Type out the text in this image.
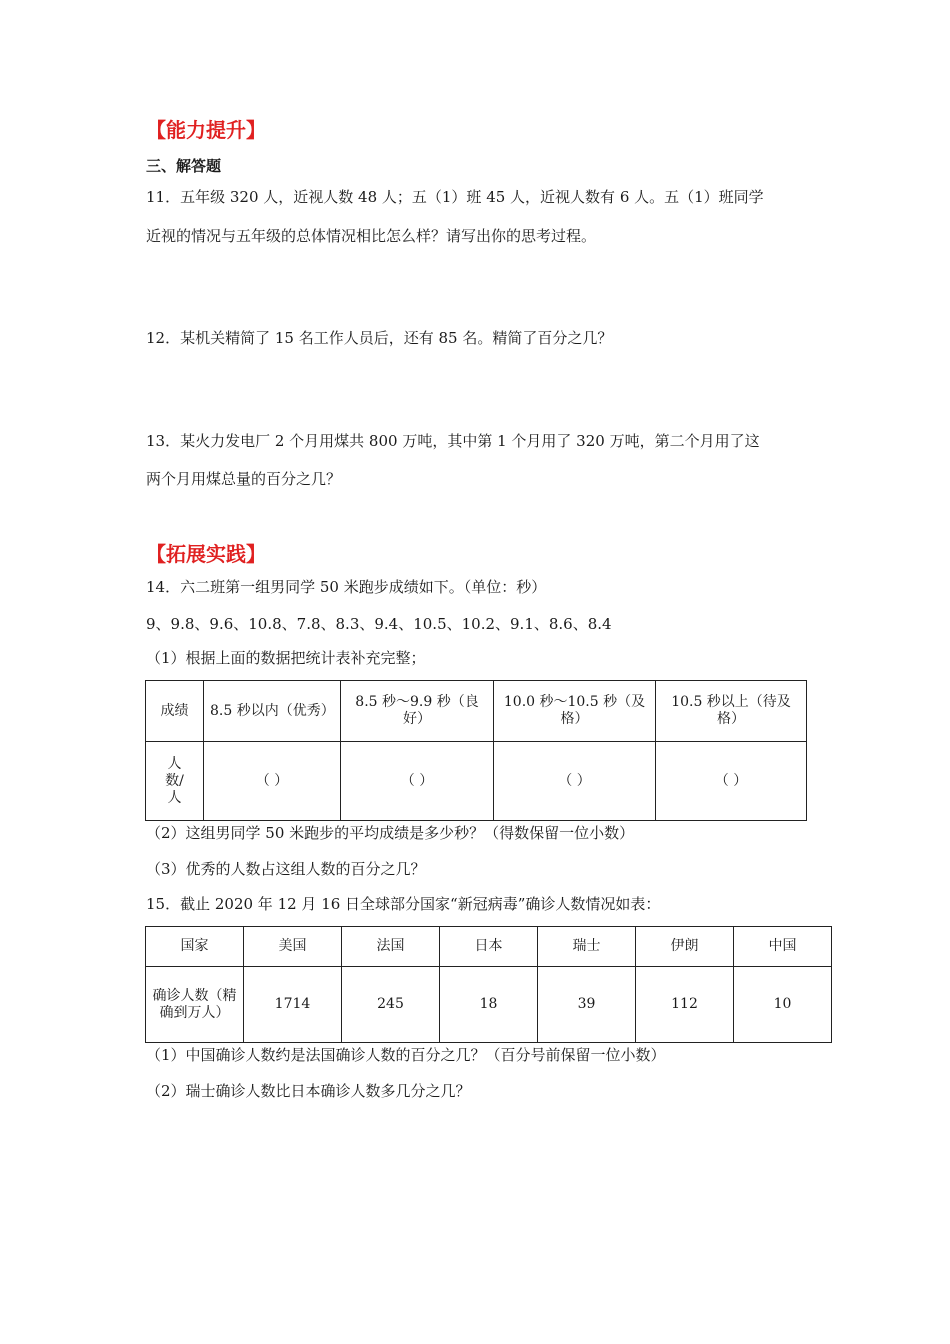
【能力提升】
三、解答题
11．五年级 320 人，近视人数 48 人；五（1）班 45 人，近视人数有 6 人。五（1）班同学
近视的情况与五年级的总体情况相比怎么样？请写出你的思考过程。
12．某机关精简了 15 名工作人员后，还有 85 名。精简了百分之几？
13．某火力发电厂 2 个月用煤共 800 万吨，其中第 1 个月用了 320 万吨，第二个月用了这
两个月用煤总量的百分之几？
【拓展实践】
14．六二班第一组男同学 50 米跑步成绩如下。（单位：秒）
9、9.8、9.6、10.8、7.8、8.3、9.4、10.5、10.2、9.1、8.6、8.4
（1）根据上面的数据把统计表补充完整；
成绩	8.5 秒以内（优秀）	8.5 秒～9.9 秒（良好）	10.0 秒～10.5 秒（及格）	10.5 秒以上（待及格）
人数/人	（ ）	（ ）	（ ）	（ ）
（2）这组男同学 50 米跑步的平均成绩是多少秒？（得数保留一位小数）
（3）优秀的人数占这组人数的百分之几？
15．截止 2020 年 12 月 16 日全球部分国家“新冠病毒”确诊人数情况如表：
国家	美国	法国	日本	瑞士	伊朗	中国
确诊人数（精确到万人）	1714	245	18	39	112	10
（1）中国确诊人数约是法国确诊人数的百分之几？（百分号前保留一位小数）
（2）瑞士确诊人数比日本确诊人数多几分之几？
